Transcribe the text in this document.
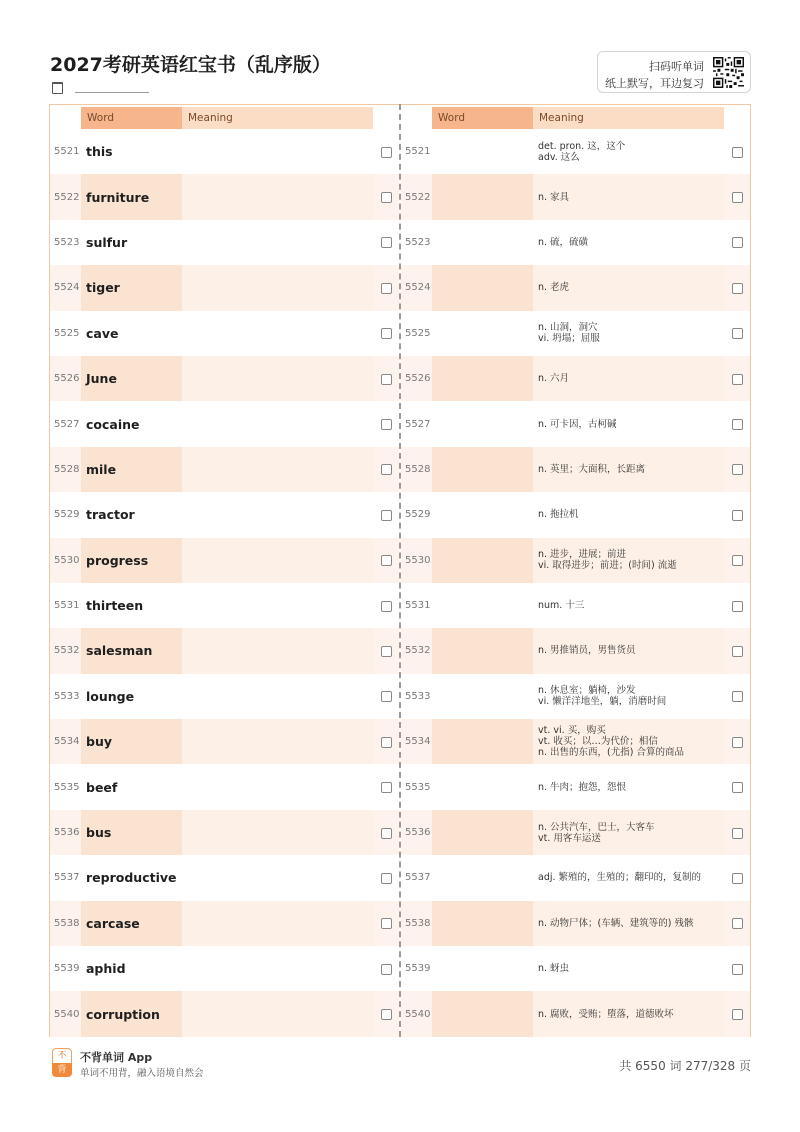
2027考研英语红宝书（乱序版）	扫码听单词
纸上默写，耳边复习
Word	Meaning
5521 this
5522 furniture
5523 sulfur
5524 tiger
5525 cave
5526 June
5527 cocaine
5528 mile
5529 tractor
5530 progress
5531 thirteen
5532 salesman
5533 lounge
5534 buy
5535 beef
5536 bus
5537 reproductive
5538 carcase
5539 aphid
5540 corruption
Word	Meaning
5521	det. pron. 这，这个
adv. 这么
5522	n. 家具
5523	n. 硫，硫磺
5524	n. 老虎
5525	n. 山洞，洞穴
vi. 坍塌；屈服
5526	n. 六月
5527	n. 可卡因，古柯碱
5528	n. 英里；大面积，长距离
5529	n. 拖拉机
5530	n. 进步，进展；前进
vi. 取得进步；前进；(时间) 流逝
5531	num. 十三
5532	n. 男推销员，男售货员
5533	n. 休息室；躺椅，沙发
vi. 懒洋洋地坐，躺，消磨时间
5534
vt. vi. 买，购买
vt. 收买；以…为代价；相信
n. 出售的东西，(尤指) 合算的商品
5535	n. 牛肉；抱怨，怨恨
5536	n. 公共汽车，巴士，大客车
vt. 用客车运送
5537	adj. 繁殖的，生殖的；翻印的，复制的
5538	n. 动物尸体；(车辆、建筑等的) 残骸
5539	n. 蚜虫
5540	n. 腐败，受贿；堕落，道德败坏
不
背
不背单词 App
单词不用背，融入语境自然会
共 6550 词 277/328 页
